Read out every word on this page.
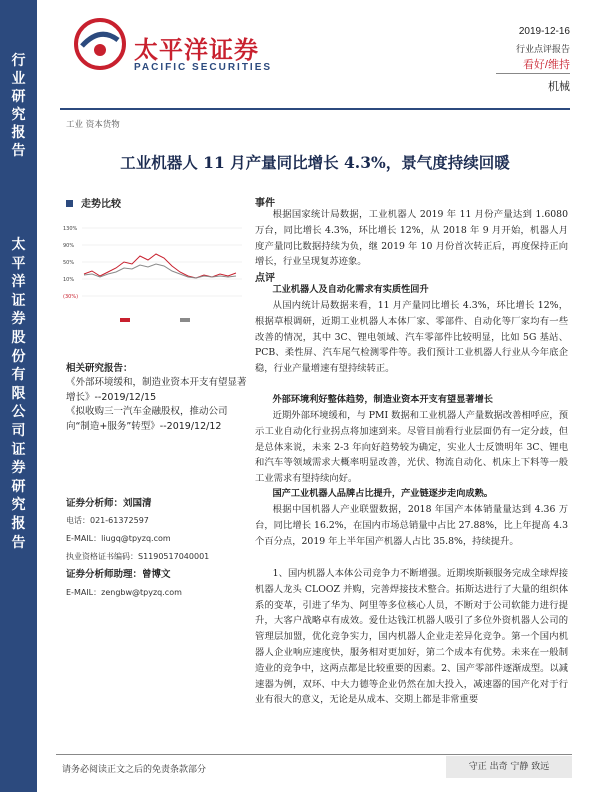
行
业
研
究
报
告
太
平
洋
证
券
股
份
有
限
公
司
证
券
研
究
报
告
太平洋证券
PACIFIC SECURITIES
2019-12-16
行业点评报告
看好/维持
机械
工业 资本货物
工业机器人 11 月产量同比增长 4.3%，景气度持续回暖
走势比较
130%
90%
50%
10%
(30%)
相关研究报告：
《外部环境缓和，制造业资本开支有望显著增长》--2019/12/15
《拟收购三一汽车金融股权，推动公司向“制造+服务”转型》--2019/12/12
证券分析师：刘国清
电话：021-61372597
E-MAIL：liugq@tpyzq.com
执业资格证书编码：S1190517040001
证券分析师助理：曾博文
E-MAIL：zengbw@tpyzq.com
事件
根据国家统计局数据，工业机器人 2019 年 11 月份产量达到 1.6080 万台，同比增长 4.3%，环比增长 12%，从 2018 年 9 月开始，机器人月度产量同比数据持续为负，继 2019 年 10 月份首次转正后，再度保持正向增长，行业呈现复苏迹象。
点评
工业机器人及自动化需求有实质性回升
从国内统计局数据来看，11 月产量同比增长 4.3%，环比增长 12%，根据草根调研，近期工业机器人本体厂家、零部件、自动化等厂家均有一些改善的情况，其中 3C、锂电领域、汽车零部件比较明显，比如 5G 基站、PCB、柔性屏、汽车尾气检测零件等。我们预计工业机器人行业从今年底企稳，行业产量增速有望持续转正。
外部环境利好整体趋势，制造业资本开支有望显著增长
近期外部环境缓和，与 PMI 数据和工业机器人产量数据改善相呼应，预示工业自动化行业拐点将加速到来。尽管目前看行业层面仍有一定分歧，但是总体来说，未来 2-3 年向好趋势较为确定，实业人士反馈明年 3C、锂电和汽车等领域需求大概率明显改善，光伏、物流自动化、机床上下料等一般工业需求有望持续向好。
国产工业机器人品牌占比提升，产业链逐步走向成熟。
根据中国机器人产业联盟数据，2018 年国产本体销量量达到 4.36 万台，同比增长 16.2%，在国内市场总销量中占比 27.88%，比上年提高 4.3 个百分点，2019 年上半年国产机器人占比 35.8%，持续提升。
1、国内机器人本体公司竞争力不断增强。近期埃斯顿服务完成全球焊接机器人龙头 CLOOZ 并购，完善焊接技术整合。拓斯达进行了大量的组织体系的变革，引进了华为、阿里等多位核心人员，不断对于公司软能力进行提升，大客户战略卓有成效。爱仕达钱江机器人吸引了多位外资机器人公司的管理层加盟，优化竞争实力，国内机器人企业走差异化竞争。第一个国内机器人企业响应速度快，服务相对更加好，第二个成本有优势。未来在一般制造业的竞争中，这两点都是比较重要的因素。2、国产零部件逐渐成型。以减速器为例，双环、中大力德等企业仍然在加大投入，减速器的国产化对于行业有很大的意义，无论是从成本、交期上都是非常重要
请务必阅读正文之后的免责条款部分	守正 出奇 宁静 致远
